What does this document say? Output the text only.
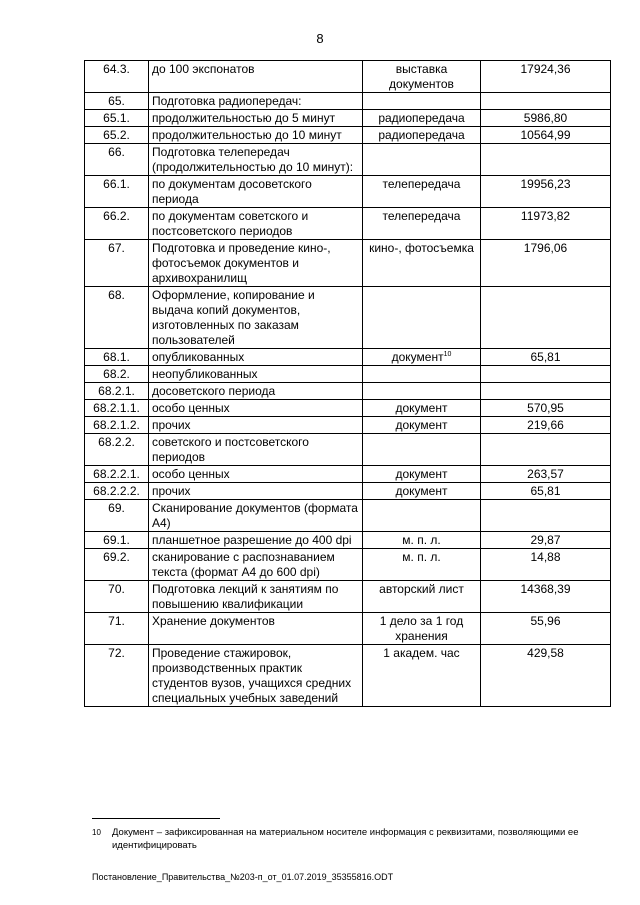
8
64.3.	до 100 экспонатов	выставка документов	17924,36
65.	Подготовка радиопередач:		
65.1.	продолжительностью до 5 минут	радиопередача	5986,80
65.2.	продолжительностью до 10 минут	радиопередача	10564,99
66.	Подготовка телепередач (продолжительностью до 10 минут):		
66.1.	по документам досоветского периода	телепередача	19956,23
66.2.	по документам советского и постсоветского периодов	телепередача	11973,82
67.	Подготовка и проведение кино-, фотосъемок документов и архивохранилищ	кино-, фотосъемка	1796,06
68.	Оформление, копирование и выдача копий документов, изготовленных по заказам пользователей		
68.1.	опубликованных	документ$^{10}$	65,81
68.2.	неопубликованных		
68.2.1.	досоветского периода		
68.2.1.1.	особо ценных	документ	570,95
68.2.1.2.	прочих	документ	219,66
68.2.2.	советского и постсоветского периодов		
68.2.2.1.	особо ценных	документ	263,57
68.2.2.2.	прочих	документ	65,81
69.	Сканирование документов (формата А4)		
69.1.	планшетное разрешение до 400 dpi	м. п. л.	29,87
69.2.	сканирование с распознаванием текста (формат А4 до 600 dpi)	м. п. л.	14,88
70.	Подготовка лекций к занятиям по повышению квалификации	авторский лист	14368,39
71.	Хранение документов	1 дело за 1 год хранения	55,96
72.	Проведение стажировок, производственных практик студентов вузов, учащихся средних специальных учебных заведений	1 академ. час	429,58
10	Документ – зафиксированная на материальном носителе информация с реквизитами, позволяющими ее идентифицировать
Постановление_Правительства_№203-п_от_01.07.2019_35355816.ODT
